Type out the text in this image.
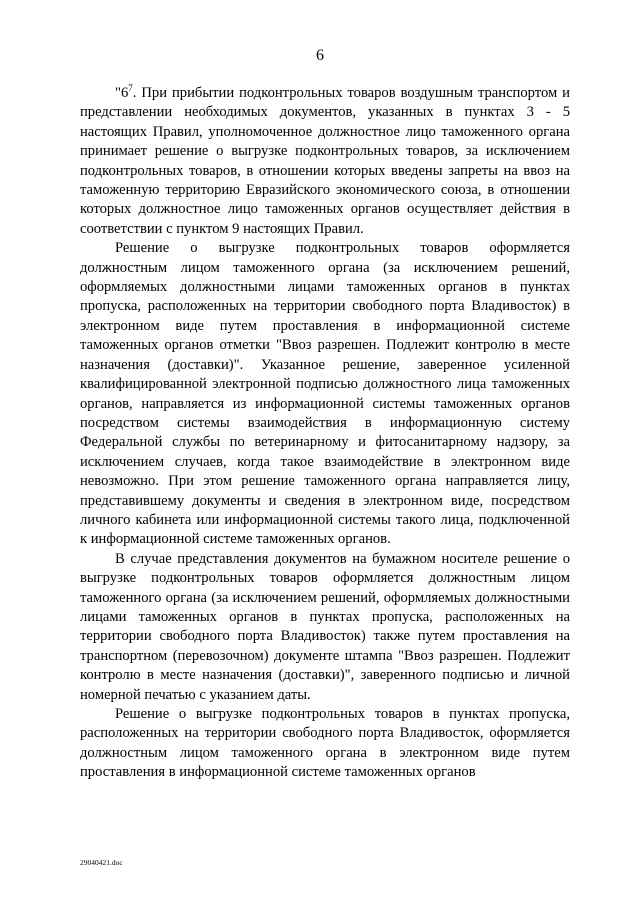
6

"$6^7$. При прибытии подконтрольных товаров воздушным транспортом и представлении необходимых документов, указанных в пунктах 3 - 5 настоящих Правил, уполномоченное должностное лицо таможенного органа принимает решение о выгрузке подконтрольных товаров, за исключением подконтрольных товаров, в отношении которых введены запреты на ввоз на таможенную территорию Евразийского экономического союза, в отношении которых должностное лицо таможенных органов осуществляет действия в соответствии с пунктом 9 настоящих Правил.

Решение о выгрузке подконтрольных товаров оформляется должностным лицом таможенного органа (за исключением решений, оформляемых должностными лицами таможенных органов в пунктах пропуска, расположенных на территории свободного порта Владивосток) в электронном виде путем проставления в информационной системе таможенных органов отметки "Ввоз разрешен. Подлежит контролю в месте назначения (доставки)". Указанное решение, заверенное усиленной квалифицированной электронной подписью должностного лица таможенных органов, направляется из информационной системы таможенных органов посредством системы взаимодействия в информационную систему Федеральной службы по ветеринарному и фитосанитарному надзору, за исключением случаев, когда такое взаимодействие в электронном виде невозможно. При этом решение таможенного органа направляется лицу, представившему документы и сведения в электронном виде, посредством личного кабинета или информационной системы такого лица, подключенной к информационной системе таможенных органов.

В случае представления документов на бумажном носителе решение о выгрузке подконтрольных товаров оформляется должностным лицом таможенного органа (за исключением решений, оформляемых должностными лицами таможенных органов в пунктах пропуска, расположенных на территории свободного порта Владивосток) также путем проставления на транспортном (перевозочном) документе штампа "Ввоз разрешен. Подлежит контролю в месте назначения (доставки)", заверенного подписью и личной номерной печатью с указанием даты.

Решение о выгрузке подконтрольных товаров в пунктах пропуска, расположенных на территории свободного порта Владивосток, оформляется должностным лицом таможенного органа в электронном виде путем проставления в информационной системе таможенных органов

29040421.doc
